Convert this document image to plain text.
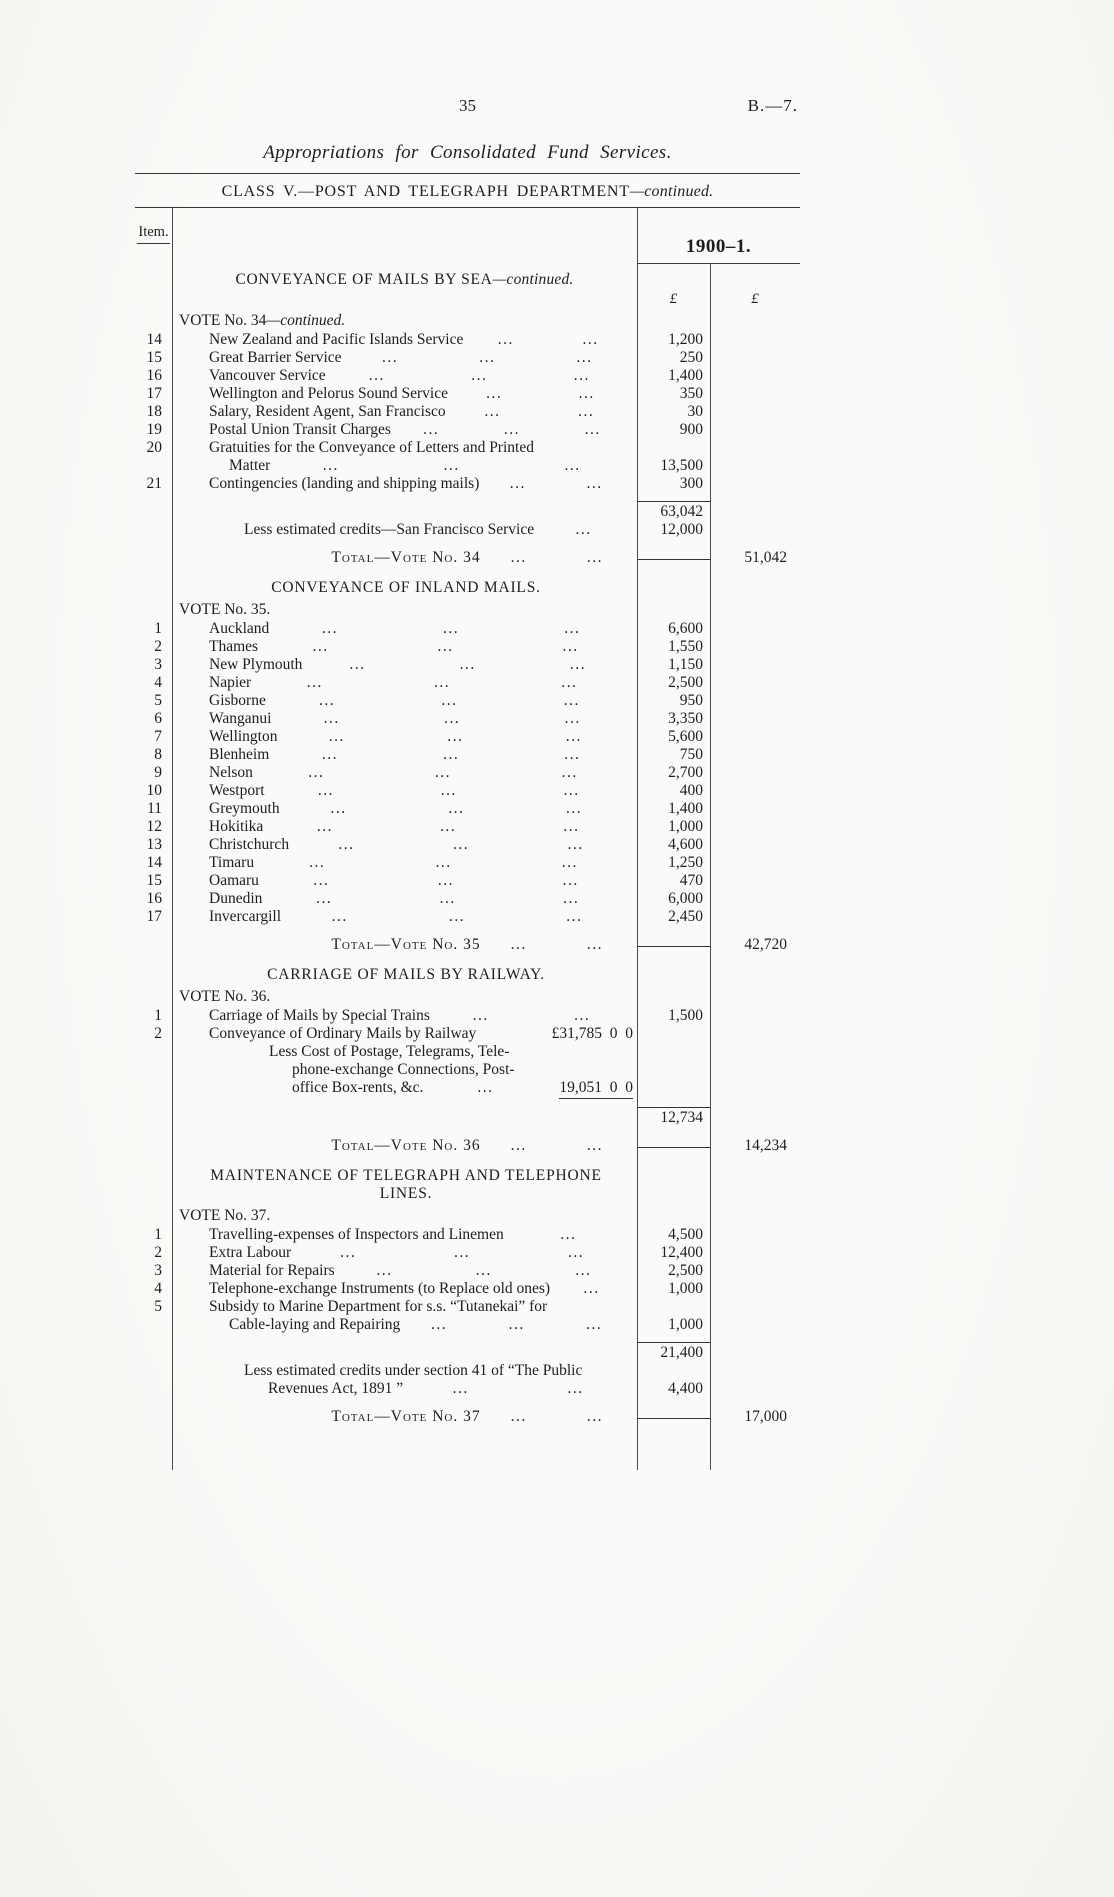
35	B.—7.
Appropriations for Consolidated Fund Services.
CLASS V.—POST AND TELEGRAPH DEPARTMENT—continued.
Item.
1900–1.
CONVEYANCE OF MAILS BY SEA —continued.
£	£
VOTE No. 34 —continued.
14	New Zealand and Pacific Islands Service ...	...	1,200
15	Great Barrier Service	...	...	...	250
16	Vancouver Service	...	...	...	1,400
17	Wellington and Pelorus Sound Service ...	...	350
18	Salary, Resident Agent, San Francisco	...	...	30
19	Postal Union Transit Charges ...	...	...	900
20	Gratuities for the Conveyance of Letters and Printed
Matter	...	...	...	13,500
21	Contingencies (landing and shipping mails) ...	...	300
63,042
Less estimated credits—San Francisco Service	...	12,000
Total—Vote No. 34 ...	...	51,042
CONVEYANCE OF INLAND MAILS.
VOTE No. 35.
1	Auckland	...	...	...	6,600
2	Thames	...	...	...	1,550
3	New Plymouth	...	...	...	1,150
4	Napier	...	...	...	2,500
5	Gisborne	...	...	...	950
6	Wanganui	...	...	...	3,350
7	Wellington	...	...	...	5,600
8	Blenheim	...	...	...	750
9	Nelson	...	...	...	2,700
10	Westport	...	...	...	400
11	Greymouth	...	...	...	1,400
12	Hokitika	...	...	...	1,000
13	Christchurch	...	...	...	4,600
14	Timaru	...	...	...	1,250
15	Oamaru	...	...	...	470
16	Dunedin	...	...	...	6,000
17	Invercargill	...	...	...	2,450
Total—Vote No. 35 ...	...	42,720
CARRIAGE OF MAILS BY RAILWAY.
VOTE No. 36.
1	Carriage of Mails by Special Trains	...	...	1,500
2	Conveyance of Ordinary Mails by Railway	£31,785  0  0
Less Cost of Postage, Telegrams, Tele-
phone-exchange Connections, Post-
office Box-rents, &c.	...	19,051  0  0
12,734
Total—Vote No. 36 ...	...	14,234
MAINTENANCE OF TELEGRAPH AND TELEPHONE LINES.
VOTE No. 37.
1	Travelling-expenses of Inspectors and Linemen	...	4,500
2	Extra Labour	...	...	...	12,400
3	Material for Repairs	...	...	...	2,500
4	Telephone-exchange Instruments (to Replace old ones) ...	1,000
5	Subsidy to Marine Department for s.s. “Tutanekai” for
Cable-laying and Repairing ...	...	...	1,000
21,400
Less estimated credits under section 41 of “The Public
Revenues Act, 1891 ”	...	...	4,400
Total—Vote No. 37 ...	...	17,000
